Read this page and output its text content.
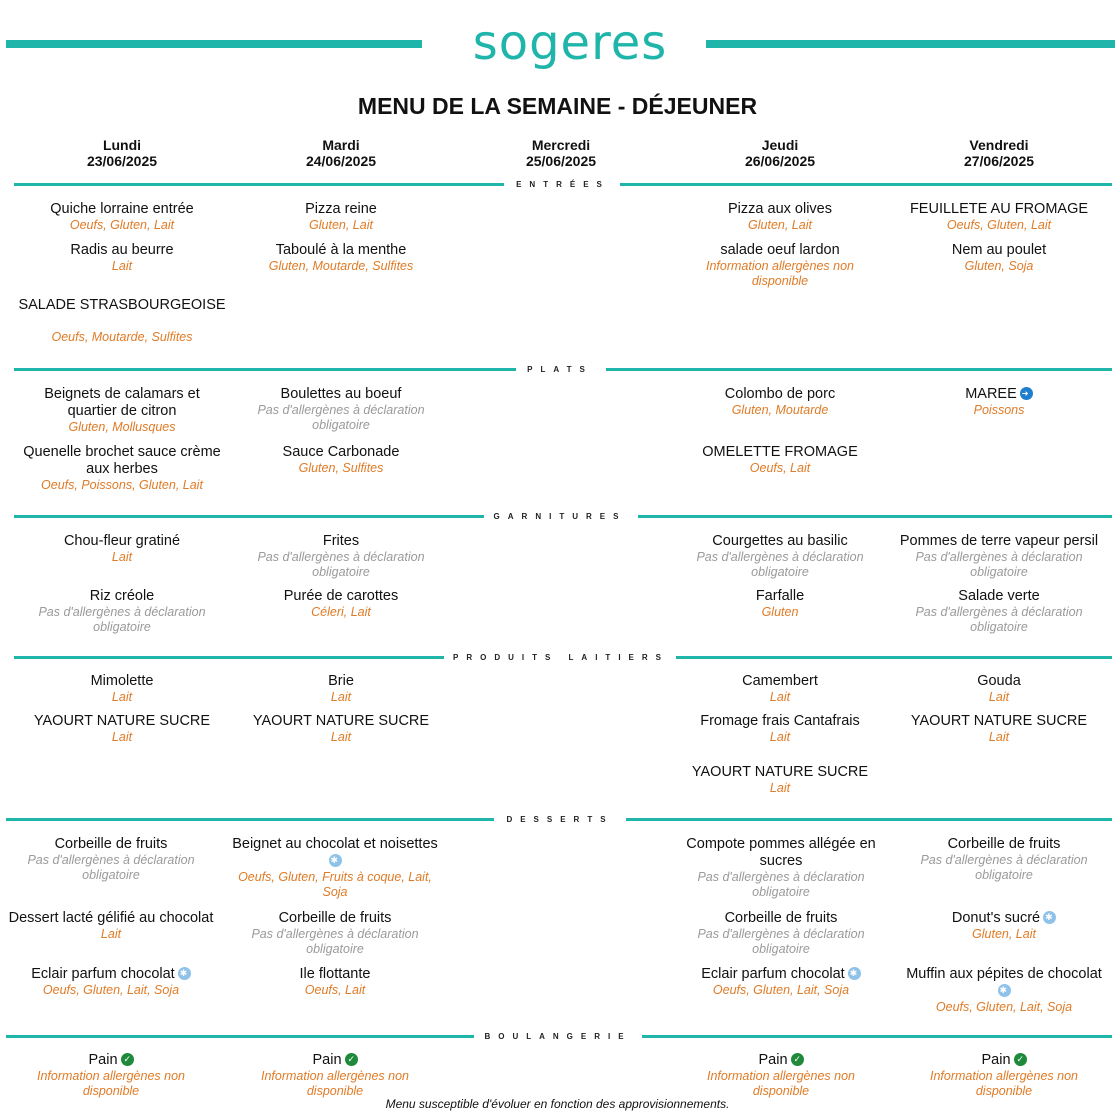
sogeres
MENU DE LA SEMAINE - DÉJEUNER
Lundi
23/06/2025
Mardi
24/06/2025
Mercredi
25/06/2025
Jeudi
26/06/2025
Vendredi
27/06/2025
ENTRÉES
Quiche lorraine entrée
Oeufs, Gluten, Lait
Radis au beurre
Lait
SALADE STRASBOURGEOISE
Oeufs, Moutarde, Sulfites
Pizza reine
Gluten, Lait
Taboulé à la menthe
Gluten, Moutarde, Sulfites
Pizza aux olives
Gluten, Lait
salade oeuf lardon
Information allergènes non
disponible
FEUILLETE AU FROMAGE
Oeufs, Gluten, Lait
Nem au poulet
Gluten, Soja
PLATS
Beignets de calamars et
quartier de citron
Gluten, Mollusques
Quenelle brochet sauce crème
aux herbes
Oeufs, Poissons, Gluten, Lait
Boulettes au boeuf
Pas d'allergènes à déclaration
obligatoire
Sauce Carbonade
Gluten, Sulfites
Colombo de porc
Gluten, Moutarde
OMELETTE FROMAGE
Oeufs, Lait
MAREE➜
Poissons
GARNITURES
Chou-fleur gratiné
Lait
Riz créole
Pas d'allergènes à déclaration
obligatoire
Frites
Pas d'allergènes à déclaration
obligatoire
Purée de carottes
Céleri, Lait
Courgettes au basilic
Pas d'allergènes à déclaration
obligatoire
Farfalle
Gluten
Pommes de terre vapeur persil
Pas d'allergènes à déclaration
obligatoire
Salade verte
Pas d'allergènes à déclaration
obligatoire
PRODUITS LAITIERS
Mimolette
Lait
YAOURT NATURE SUCRE
Lait
Brie
Lait
YAOURT NATURE SUCRE
Lait
Camembert
Lait
Fromage frais Cantafrais
Lait
YAOURT NATURE SUCRE
Lait
Gouda
Lait
YAOURT NATURE SUCRE
Lait
DESSERTS
Corbeille de fruits
Pas d'allergènes à déclaration
obligatoire
Dessert lacté gélifié au chocolat
Lait
Eclair parfum chocolat✱
Oeufs, Gluten, Lait, Soja
Beignet au chocolat et noisettes
✱
Oeufs, Gluten, Fruits à coque, Lait,
Soja
Corbeille de fruits
Pas d'allergènes à déclaration
obligatoire
Ile flottante
Oeufs, Lait
Compote pommes allégée en
sucres
Pas d'allergènes à déclaration
obligatoire
Corbeille de fruits
Pas d'allergènes à déclaration
obligatoire
Eclair parfum chocolat✱
Oeufs, Gluten, Lait, Soja
Corbeille de fruits
Pas d'allergènes à déclaration
obligatoire
Donut's sucré✱
Gluten, Lait
Muffin aux pépites de chocolat
✱
Oeufs, Gluten, Lait, Soja
BOULANGERIE
Pain✓
Information allergènes non
disponible
Pain✓
Information allergènes non
disponible
Pain✓
Information allergènes non
disponible
Pain✓
Information allergènes non
disponible
Menu susceptible d'évoluer en fonction des approvisionnements.
